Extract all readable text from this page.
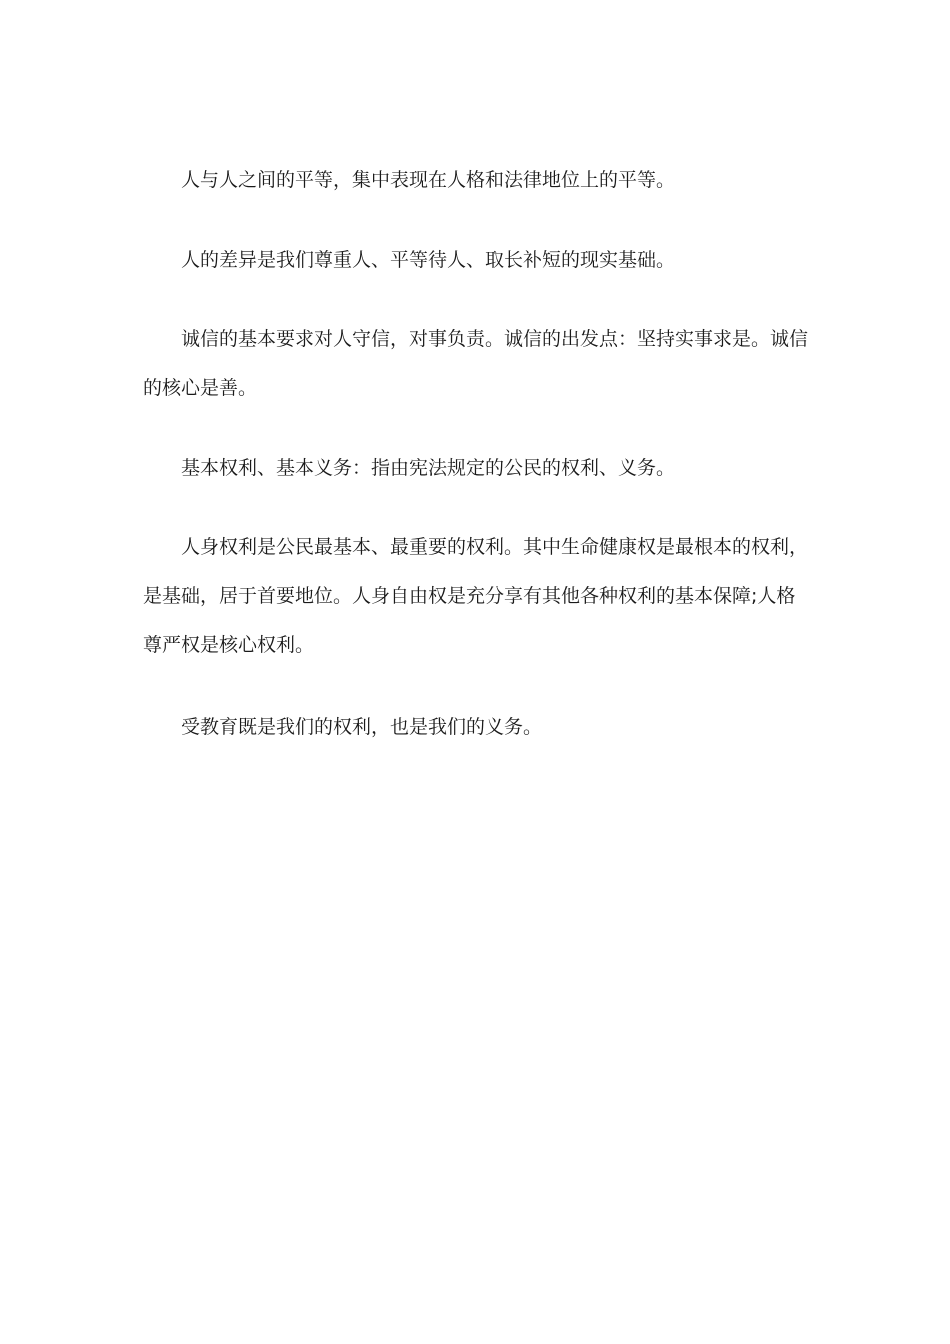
人与人之间的平等，集中表现在人格和法律地位上的平等。

人的差异是我们尊重人、平等待人、取长补短的现实基础。

诚信的基本要求对人守信，对事负责。诚信的出发点：坚持实事求是。诚信的核心是善。

基本权利、基本义务：指由宪法规定的公民的权利、义务。

人身权利是公民最基本、最重要的权利。其中生命健康权是最根本的权利，是基础，居于首要地位。人身自由权是充分享有其他各种权利的基本保障;人格尊严权是核心权利。

受教育既是我们的权利，也是我们的义务。
